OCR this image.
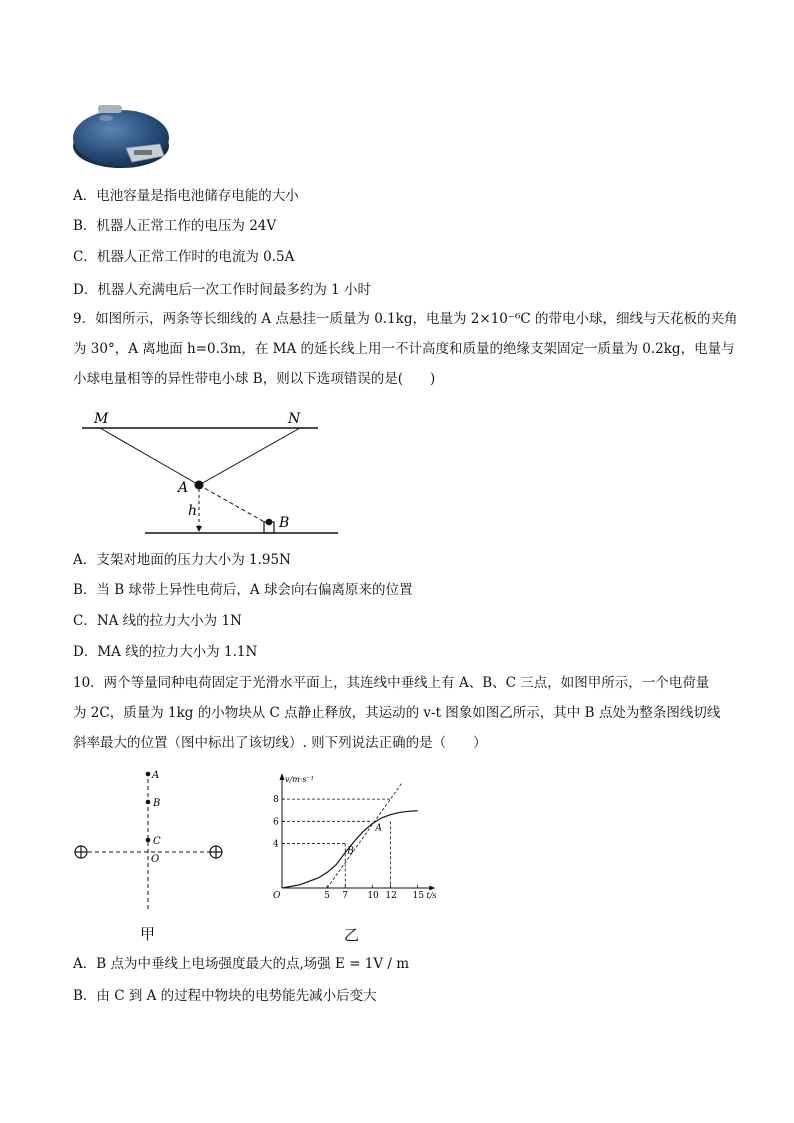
A．电池容量是指电池储存电能的大小
B．机器人正常工作的电压为 24V
C．机器人正常工作时的电流为 0.5A
D．机器人充满电后一次工作时间最多约为 1 小时
9．如图所示，两条等长细线的 A 点悬挂一质量为 0.1kg，电量为 2×10⁻⁶C 的带电小球，细线与天花板的夹角
为 30°，A 离地面 h=0.3m，在 MA 的延长线上用一不计高度和质量的绝缘支架固定一质量为 0.2kg，电量与
小球电量相等的异性带电小球 B，则以下选项错误的是(　　)
M	N
A
h
B
A．支架对地面的压力大小为 1.95N
B．当 B 球带上异性电荷后，A 球会向右偏离原来的位置
C．NA 线的拉力大小为 1N
D．MA 线的拉力大小为 1.1N
10．两个等量同种电荷固定于光滑水平面上，其连线中垂线上有 A、B、C 三点，如图甲所示，一个电荷量
为 2C，质量为 1kg 的小物块从 C 点静止释放，其运动的 v-t 图象如图乙所示，其中 B 点处为整条图线切线
斜率最大的位置（图中标出了该切线）. 则下列说法正确的是（　　）
A
B
C
O
甲
v/m·s⁻¹
t/s
O
4
6
8
5 7 10 12 15
B
A
乙
A．B 点为中垂线上电场强度最大的点,场强 E = 1V / m
B．由 C 到 A 的过程中物块的电势能先减小后变大
